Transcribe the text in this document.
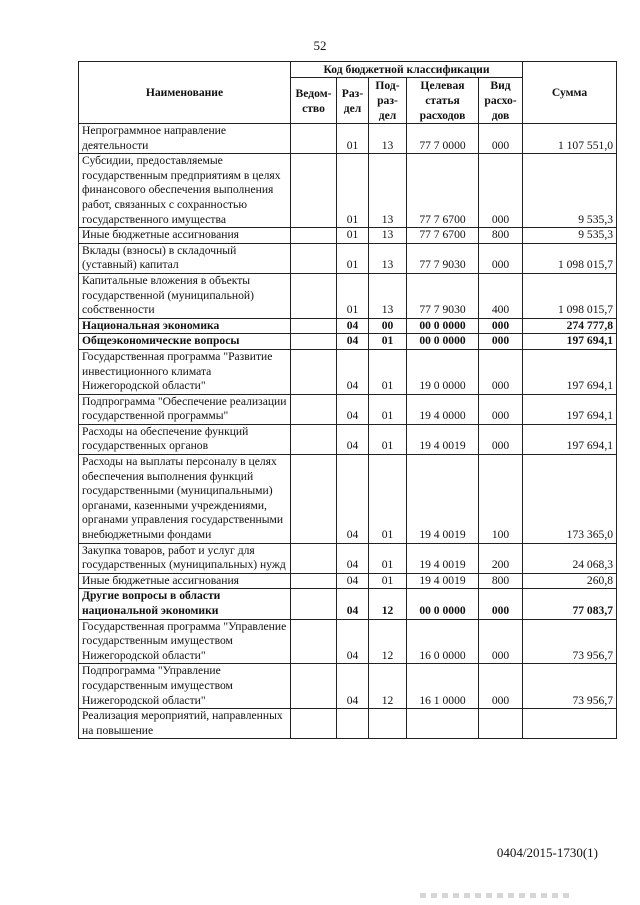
52
Наименование	Код бюджетной классификации					Сумма
	Ведом-ство	Раз-дел	Под-раз-дел	Целевая статья расходов	Вид расхо-дов	
Непрограммное направление деятельности		01	13	77 7 0000	000	1 107 551,0
Субсидии, предоставляемые государственным предприятиям в целях финансового обеспечения выполнения работ, связанных с сохранностью государственного имущества		01	13	77 7 6700	000	9 535,3
Иные бюджетные ассигнования		01	13	77 7 6700	800	9 535,3
Вклады (взносы) в складочный (уставный) капитал		01	13	77 7 9030	000	1 098 015,7
Капитальные вложения в объекты государственной (муниципальной) собственности		01	13	77 7 9030	400	1 098 015,7
Национальная экономика		04	00	00 0 0000	000	274 777,8
Общеэкономические вопросы		04	01	00 0 0000	000	197 694,1
Государственная программа "Развитие инвестиционного климата Нижегородской области"		04	01	19 0 0000	000	197 694,1
Подпрограмма "Обеспечение реализации государственной программы"		04	01	19 4 0000	000	197 694,1
Расходы на обеспечение функций государственных органов		04	01	19 4 0019	000	197 694,1
Расходы на выплаты персоналу в целях обеспечения выполнения функций государственными (муниципальными) органами, казенными учреждениями, органами управления государственными внебюджетными фондами		04	01	19 4 0019	100	173 365,0
Закупка товаров, работ и услуг для государственных (муниципальных) нужд		04	01	19 4 0019	200	24 068,3
Иные бюджетные ассигнования		04	01	19 4 0019	800	260,8
Другие вопросы в области национальной экономики		04	12	00 0 0000	000	77 083,7
Государственная программа "Управление государственным имуществом Нижегородской области"		04	12	16 0 0000	000	73 956,7
Подпрограмма "Управление государственным имуществом Нижегородской области"		04	12	16 1 0000	000	73 956,7
Реализация мероприятий, направленных на повышение						
0404/2015-1730(1)
